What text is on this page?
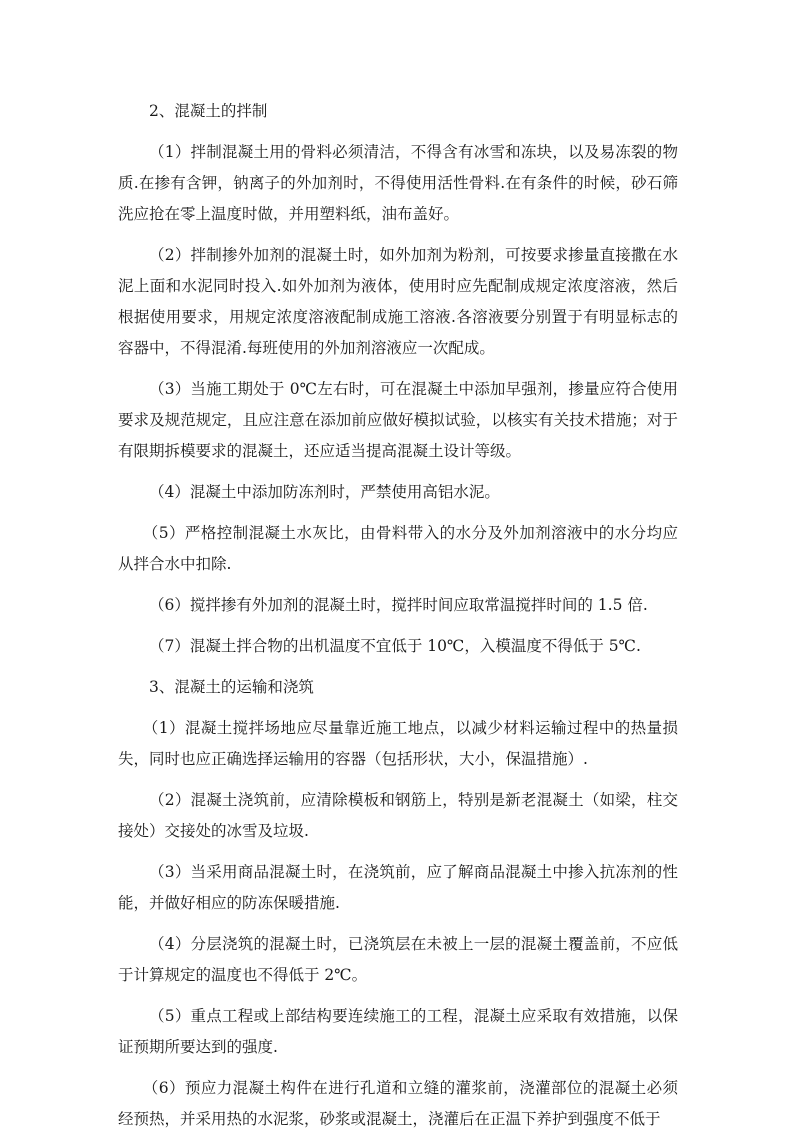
2、混凝土的拌制

（1）拌制混凝土用的骨料必须清洁，不得含有冰雪和冻块，以及易冻裂的物质.在掺有含钾，钠离子的外加剂时，不得使用活性骨料.在有条件的时候，砂石筛洗应抢在零上温度时做，并用塑料纸，油布盖好。

（2）拌制掺外加剂的混凝土时，如外加剂为粉剂，可按要求掺量直接撒在水泥上面和水泥同时投入.如外加剂为液体，使用时应先配制成规定浓度溶液，然后根据使用要求，用规定浓度溶液配制成施工溶液.各溶液要分别置于有明显标志的容器中，不得混淆.每班使用的外加剂溶液应一次配成。

（3）当施工期处于 0℃左右时，可在混凝土中添加早强剂，掺量应符合使用要求及规范规定，且应注意在添加前应做好模拟试验，以核实有关技术措施；对于有限期拆模要求的混凝土，还应适当提高混凝土设计等级。

（4）混凝土中添加防冻剂时，严禁使用高铝水泥。

（5）严格控制混凝土水灰比，由骨料带入的水分及外加剂溶液中的水分均应从拌合水中扣除.

（6）搅拌掺有外加剂的混凝土时，搅拌时间应取常温搅拌时间的 1.5 倍.

（7）混凝土拌合物的出机温度不宜低于 10℃，入模温度不得低于 5℃.

3、混凝土的运输和浇筑

（1）混凝土搅拌场地应尽量靠近施工地点，以减少材料运输过程中的热量损失，同时也应正确选择运输用的容器（包括形状，大小，保温措施）.

（2）混凝土浇筑前，应清除模板和钢筋上，特别是新老混凝土（如梁，柱交接处）交接处的冰雪及垃圾.

（3）当采用商品混凝土时，在浇筑前，应了解商品混凝土中掺入抗冻剂的性能，并做好相应的防冻保暖措施.

（4）分层浇筑的混凝土时，已浇筑层在未被上一层的混凝土覆盖前，不应低于计算规定的温度也不得低于 2℃。

（5）重点工程或上部结构要连续施工的工程，混凝土应采取有效措施，以保证预期所要达到的强度.

（6）预应力混凝土构件在进行孔道和立缝的灌浆前，浇灌部位的混凝土必须经预热，并采用热的水泥浆，砂浆或混凝土，浇灌后在正温下养护到强度不低于
